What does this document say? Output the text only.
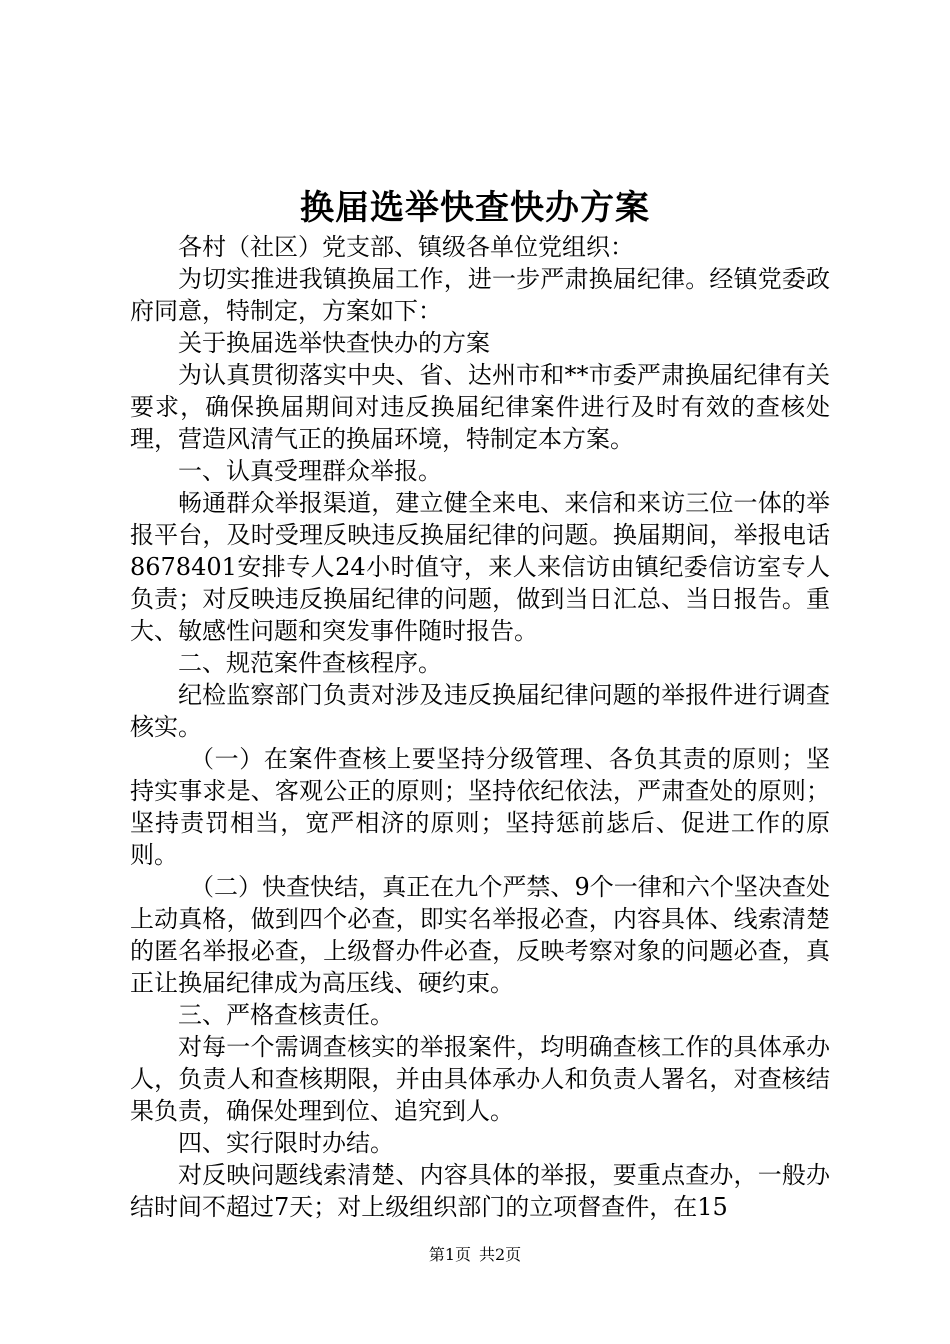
换届选举快查快办方案

各村（社区）党支部、镇级各单位党组织：

为切实推进我镇换届工作，进一步严肃换届纪律。经镇党委政府同意，特制定，方案如下：

关于换届选举快查快办的方案

为认真贯彻落实中央、省、达州市和**市委严肃换届纪律有关要求，确保换届期间对违反换届纪律案件进行及时有效的查核处理，营造风清气正的换届环境，特制定本方案。

一、认真受理群众举报。

畅通群众举报渠道，建立健全来电、来信和来访三位一体的举报平台，及时受理反映违反换届纪律的问题。换届期间，举报电话8678401安排专人24小时值守，来人来信访由镇纪委信访室专人负责；对反映违反换届纪律的问题，做到当日汇总、当日报告。重大、敏感性问题和突发事件随时报告。

二、规范案件查核程序。

纪检监察部门负责对涉及违反换届纪律问题的举报件进行调查核实。

（一）在案件查核上要坚持分级管理、各负其责的原则；坚持实事求是、客观公正的原则；坚持依纪依法，严肃查处的原则；坚持责罚相当，宽严相济的原则；坚持惩前毖后、促进工作的原则。

（二）快查快结，真正在九个严禁、9个一律和六个坚决查处上动真格，做到四个必查，即实名举报必查，内容具体、线索清楚的匿名举报必查，上级督办件必查，反映考察对象的问题必查，真正让换届纪律成为高压线、硬约束。

三、严格查核责任。

对每一个需调查核实的举报案件，均明确查核工作的具体承办人，负责人和查核期限，并由具体承办人和负责人署名，对查核结果负责，确保处理到位、追究到人。

四、实行限时办结。

对反映问题线索清楚、内容具体的举报，要重点查办，一般办结时间不超过7天；对上级组织部门的立项督查件，在15

第1页 共2页
